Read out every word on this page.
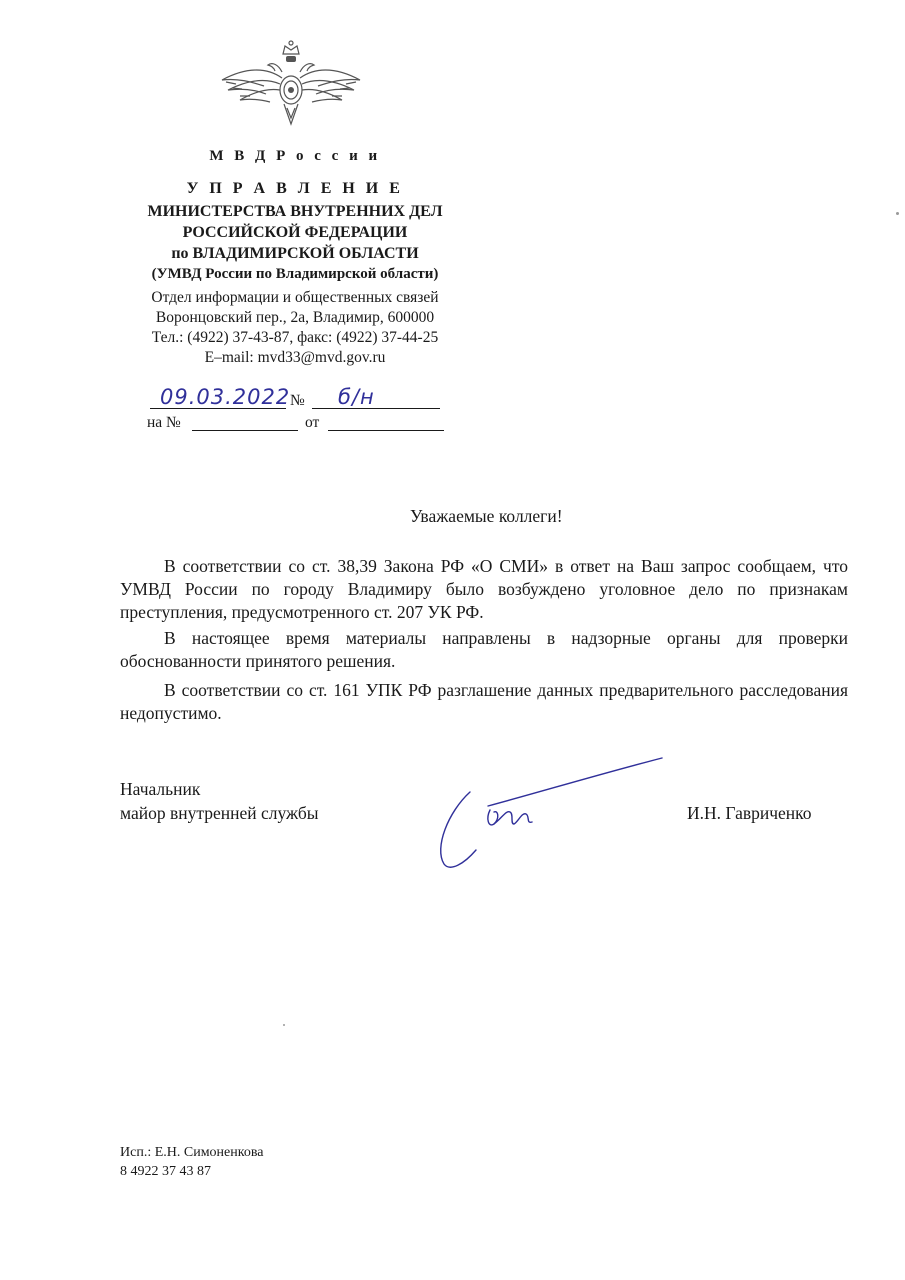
М В Д Р о с с и и
У П Р А В Л Е Н И Е
МИНИСТЕРСТВА ВНУТРЕННИХ ДЕЛ
РОССИЙСКОЙ ФЕДЕРАЦИИ
по ВЛАДИМИРСКОЙ ОБЛАСТИ
(УМВД России по Владимирской области)
Отдел информации и общественных связей
Воронцовский пер., 2а, Владимир, 600000
Тел.: (4922) 37-43-87, факс: (4922) 37-44-25
E–mail: mvd33@mvd.gov.ru
09.03.2022 № б/н
на №	от
Уважаемые коллеги!
В соответствии со ст. 38,39 Закона РФ «О СМИ» в ответ на Ваш запрос сообщаем, что УМВД России по городу Владимиру было возбуждено уголовное дело по признакам преступления, предусмотренного ст. 207 УК РФ.
В настоящее время материалы направлены в надзорные органы для проверки обоснованности принятого решения.
В соответствии со ст. 161 УПК РФ разглашение данных предварительного расследования недопустимо.
Начальник
майор внутренней службы	И.Н. Гавриченко
Исп.: Е.Н. Симоненкова
8 4922 37 43 87
